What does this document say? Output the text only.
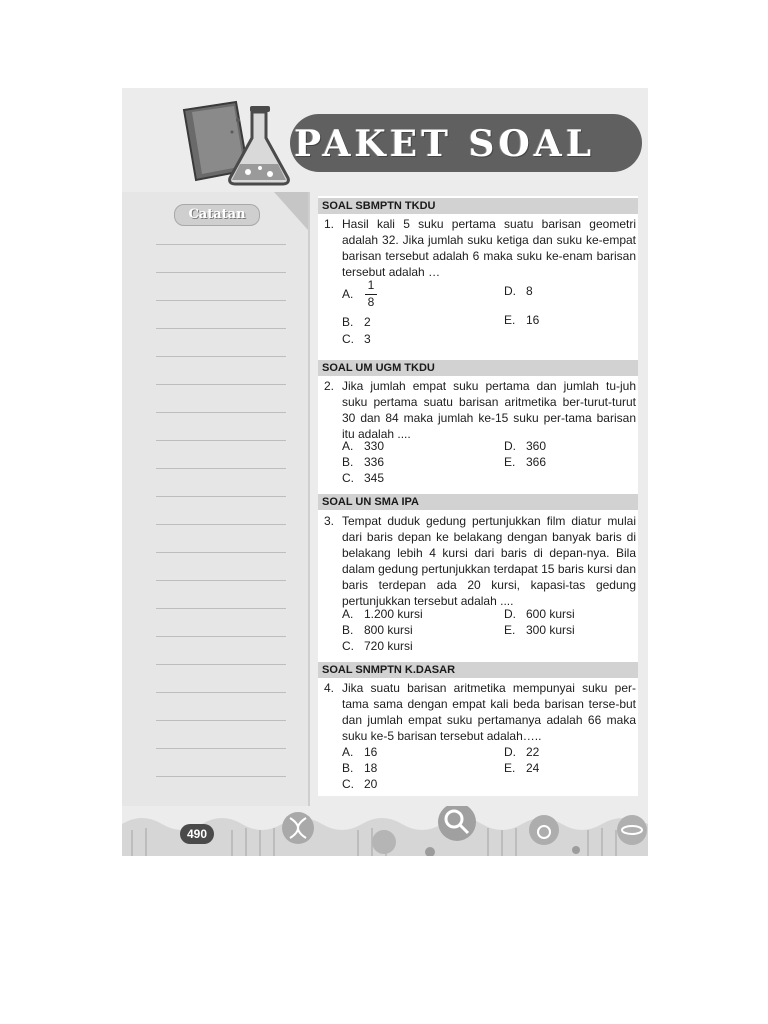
PAKET SOAL
Catatan
SOAL SBMPTN TKDU
1. Hasil kali 5 suku pertama suatu barisan geometri adalah 32. Jika jumlah suku ketiga dan suku ke-empat barisan tersebut adalah 6 maka suku ke-enam barisan tersebut adalah …
A.
1
8
B. 2
C. 3
D. 8
E. 16
SOAL UM UGM TKDU
2. Jika jumlah empat suku pertama dan jumlah tu-juh suku pertama suatu barisan aritmetika ber-turut-turut 30 dan 84 maka jumlah ke-15 suku per-tama barisan itu adalah ....
A. 330
B. 336
C. 345
D. 360
E. 366
SOAL UN SMA IPA
3. Tempat duduk gedung pertunjukkan film diatur mulai dari baris depan ke belakang dengan banyak baris di belakang lebih 4 kursi dari baris di depan-nya. Bila dalam gedung pertunjukkan terdapat 15 baris kursi dan baris terdepan ada 20 kursi, kapasi-tas gedung pertunjukkan tersebut adalah ....
A. 1.200 kursi
B. 800 kursi
C. 720 kursi
D. 600 kursi
E. 300 kursi
SOAL SNMPTN K.DASAR
4. Jika suatu barisan aritmetika mempunyai suku per-tama sama dengan empat kali beda barisan terse-but dan jumlah empat suku pertamanya adalah 66 maka suku ke-5 barisan tersebut adalah…..
A. 16
B. 18
C. 20
D. 22
E. 24
490
